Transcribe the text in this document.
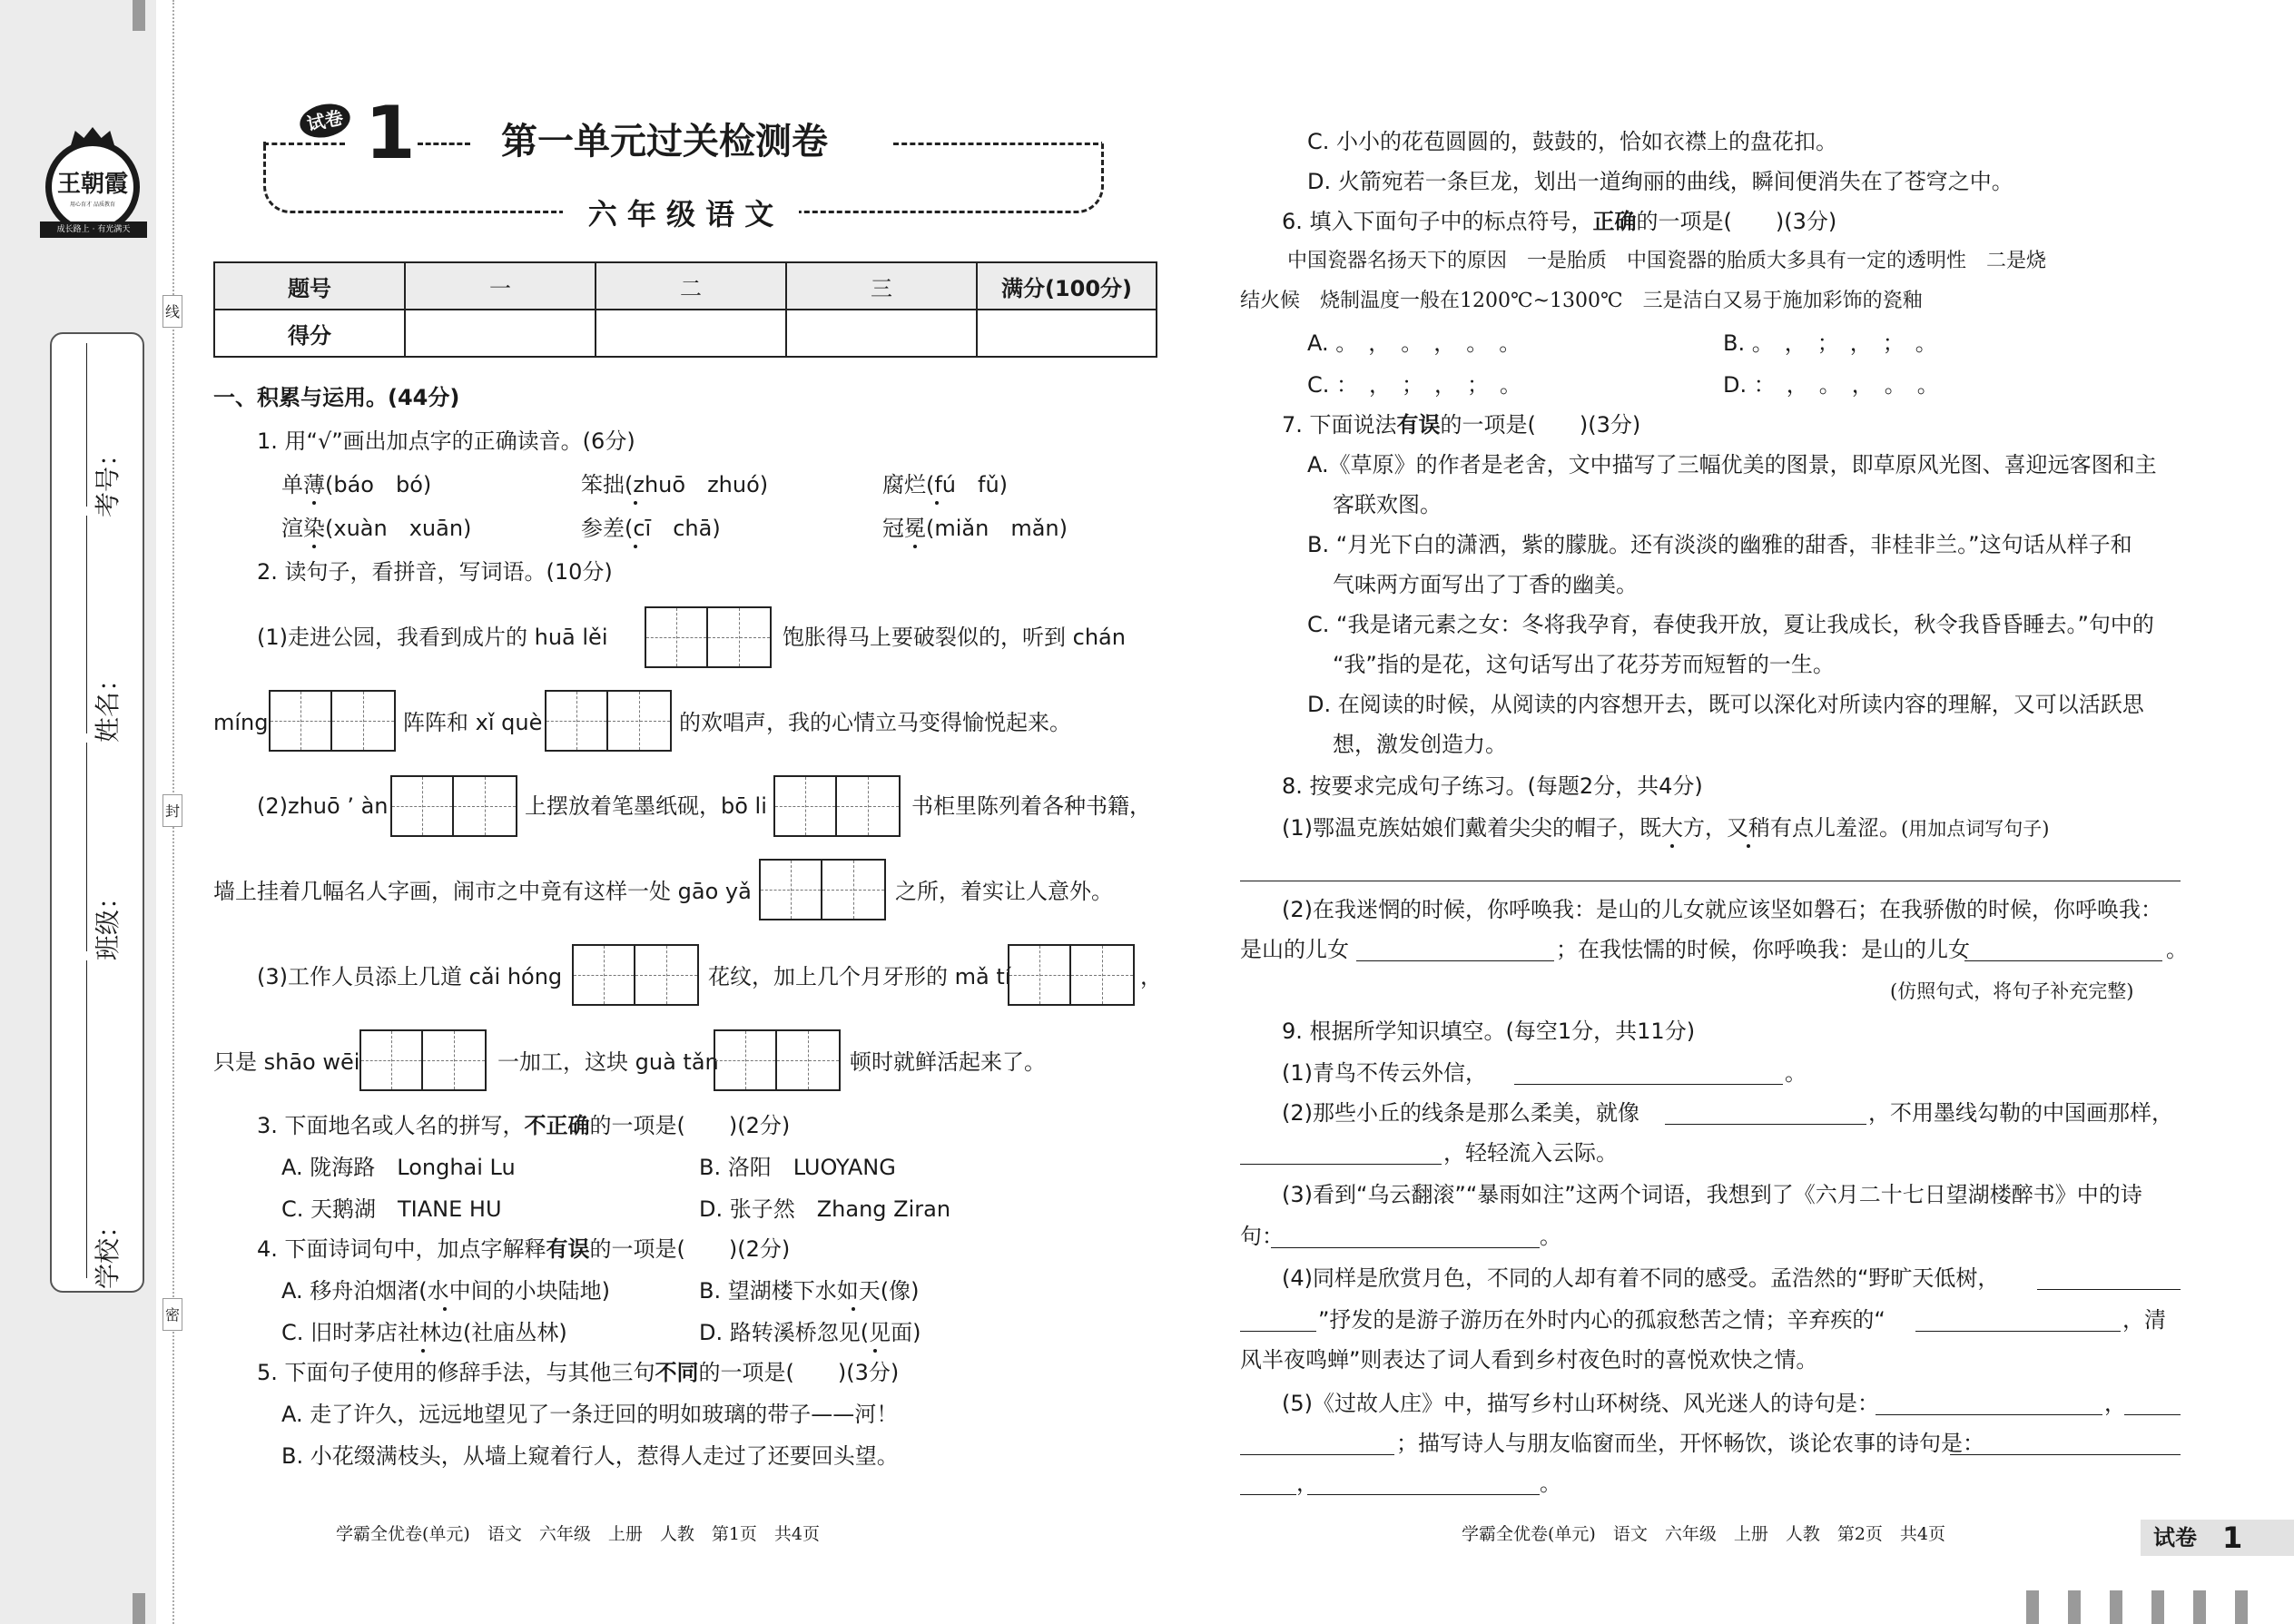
线
封
密
学校：
班级：
姓名：
考号：
王朝霞
用心育才 品质教育
成长路上 · 有光满天
试卷 1 第一单元过关检测卷
六 年 级 语 文
题号	一	二	三	满分(100分)
得分				
一、积累与运用。(44分)
1. 用“√”画出加点字的正确读音。(6分)
单薄(báo　bó)	笨拙(zhuō　zhuó)	腐烂(fú　fǔ)
渲染(xuàn　xuān)	参差(cī　chā)	冠冕(miǎn　mǎn)
2. 读句子，看拼音，写词语。(10分)
(1)走进公园，我看到成片的 huā lěi	饱胀得马上要破裂似的，听到 chán
míng	阵阵和 xǐ què	的欢唱声，我的心情立马变得愉悦起来。
(2)zhuō ʼ àn	上摆放着笔墨纸砚，bō li	书柜里陈列着各种书籍，
墙上挂着几幅名人字画，闹市之中竟有这样一处 gāo yǎ	之所，着实让人意外。
(3)工作人员添上几道 cǎi hóng	花纹，加上几个月牙形的 mǎ tí	，
只是 shāo wēi	一加工，这块 guà tǎn	顿时就鲜活起来了。
3. 下面地名或人名的拼写，不正确的一项是(　　)(2分)
A. 陇海路　Longhai Lu	B. 洛阳　LUOYANG
C. 天鹅湖　TIANE HU	D. 张子然　Zhang Ziran
4. 下面诗词句中，加点字解释有误的一项是(　　)(2分)
A. 移舟泊烟渚(水中间的小块陆地)	B. 望湖楼下水如天(像)
C. 旧时茅店社林边(社庙丛林)	D. 路转溪桥忽见(见面)
5. 下面句子使用的修辞手法，与其他三句不同的一项是(　　)(3分)
A. 走了许久，远远地望见了一条迂回的明如玻璃的带子——河！
B. 小花缀满枝头，从墙上窥着行人，惹得人走过了还要回头望。
学霸全优卷(单元)　语文　六年级　上册　人教　第1页　共4页
C. 小小的花苞圆圆的，鼓鼓的，恰如衣襟上的盘花扣。
D. 火箭宛若一条巨龙，划出一道绚丽的曲线，瞬间便消失在了苍穹之中。
6. 填入下面句子中的标点符号，正确的一项是(　　)(3分)
中国瓷器名扬天下的原因　一是胎质　中国瓷器的胎质大多具有一定的透明性　二是烧
结火候　烧制温度一般在1200℃~1300℃　三是洁白又易于施加彩饰的瓷釉
A. 。　，　。　，　。　。	B. 。　，　；　，　；　。
C. ：　，　；　，　；　。	D. ：　，　。　，　。　。
7. 下面说法有误的一项是(　　)(3分)
A.《草原》的作者是老舍，文中描写了三幅优美的图景，即草原风光图、喜迎远客图和主
客联欢图。
B. “月光下白的潇洒，紫的朦胧。还有淡淡的幽雅的甜香，非桂非兰。”这句话从样子和
气味两方面写出了丁香的幽美。
C. “我是诸元素之女：冬将我孕育，春使我开放，夏让我成长，秋令我昏昏睡去。”句中的
“我”指的是花，这句话写出了花芬芳而短暂的一生。
D. 在阅读的时候，从阅读的内容想开去，既可以深化对所读内容的理解，又可以活跃思
想，激发创造力。
8. 按要求完成句子练习。(每题2分，共4分)
(1)鄂温克族姑娘们戴着尖尖的帽子，既大方，又稍有点儿羞涩。(用加点词写句子)
(2)在我迷惘的时候，你呼唤我：是山的儿女就应该坚如磐石；在我骄傲的时候，你呼唤我：
是山的儿女	；在我怯懦的时候，你呼唤我：是山的儿女	。
(仿照句式，将句子补充完整)
9. 根据所学知识填空。(每空1分，共11分)
(1)青鸟不传云外信，	。
(2)那些小丘的线条是那么柔美，就像	，不用墨线勾勒的中国画那样，
，轻轻流入云际。
(3)看到“乌云翻滚”“暴雨如注”这两个词语，我想到了《六月二十七日望湖楼醉书》中的诗
句：	。
(4)同样是欣赏月色，不同的人却有着不同的感受。孟浩然的“野旷天低树，
”抒发的是游子游历在外时内心的孤寂愁苦之情；辛弃疾的“	，清
风半夜鸣蝉”则表达了词人看到乡村夜色时的喜悦欢快之情。
(5)《过故人庄》中，描写乡村山环树绕、风光迷人的诗句是：	，
；描写诗人与朋友临窗而坐，开怀畅饮，谈论农事的诗句是：
，	。
学霸全优卷(单元)　语文　六年级　上册　人教　第2页　共4页	试卷 1
